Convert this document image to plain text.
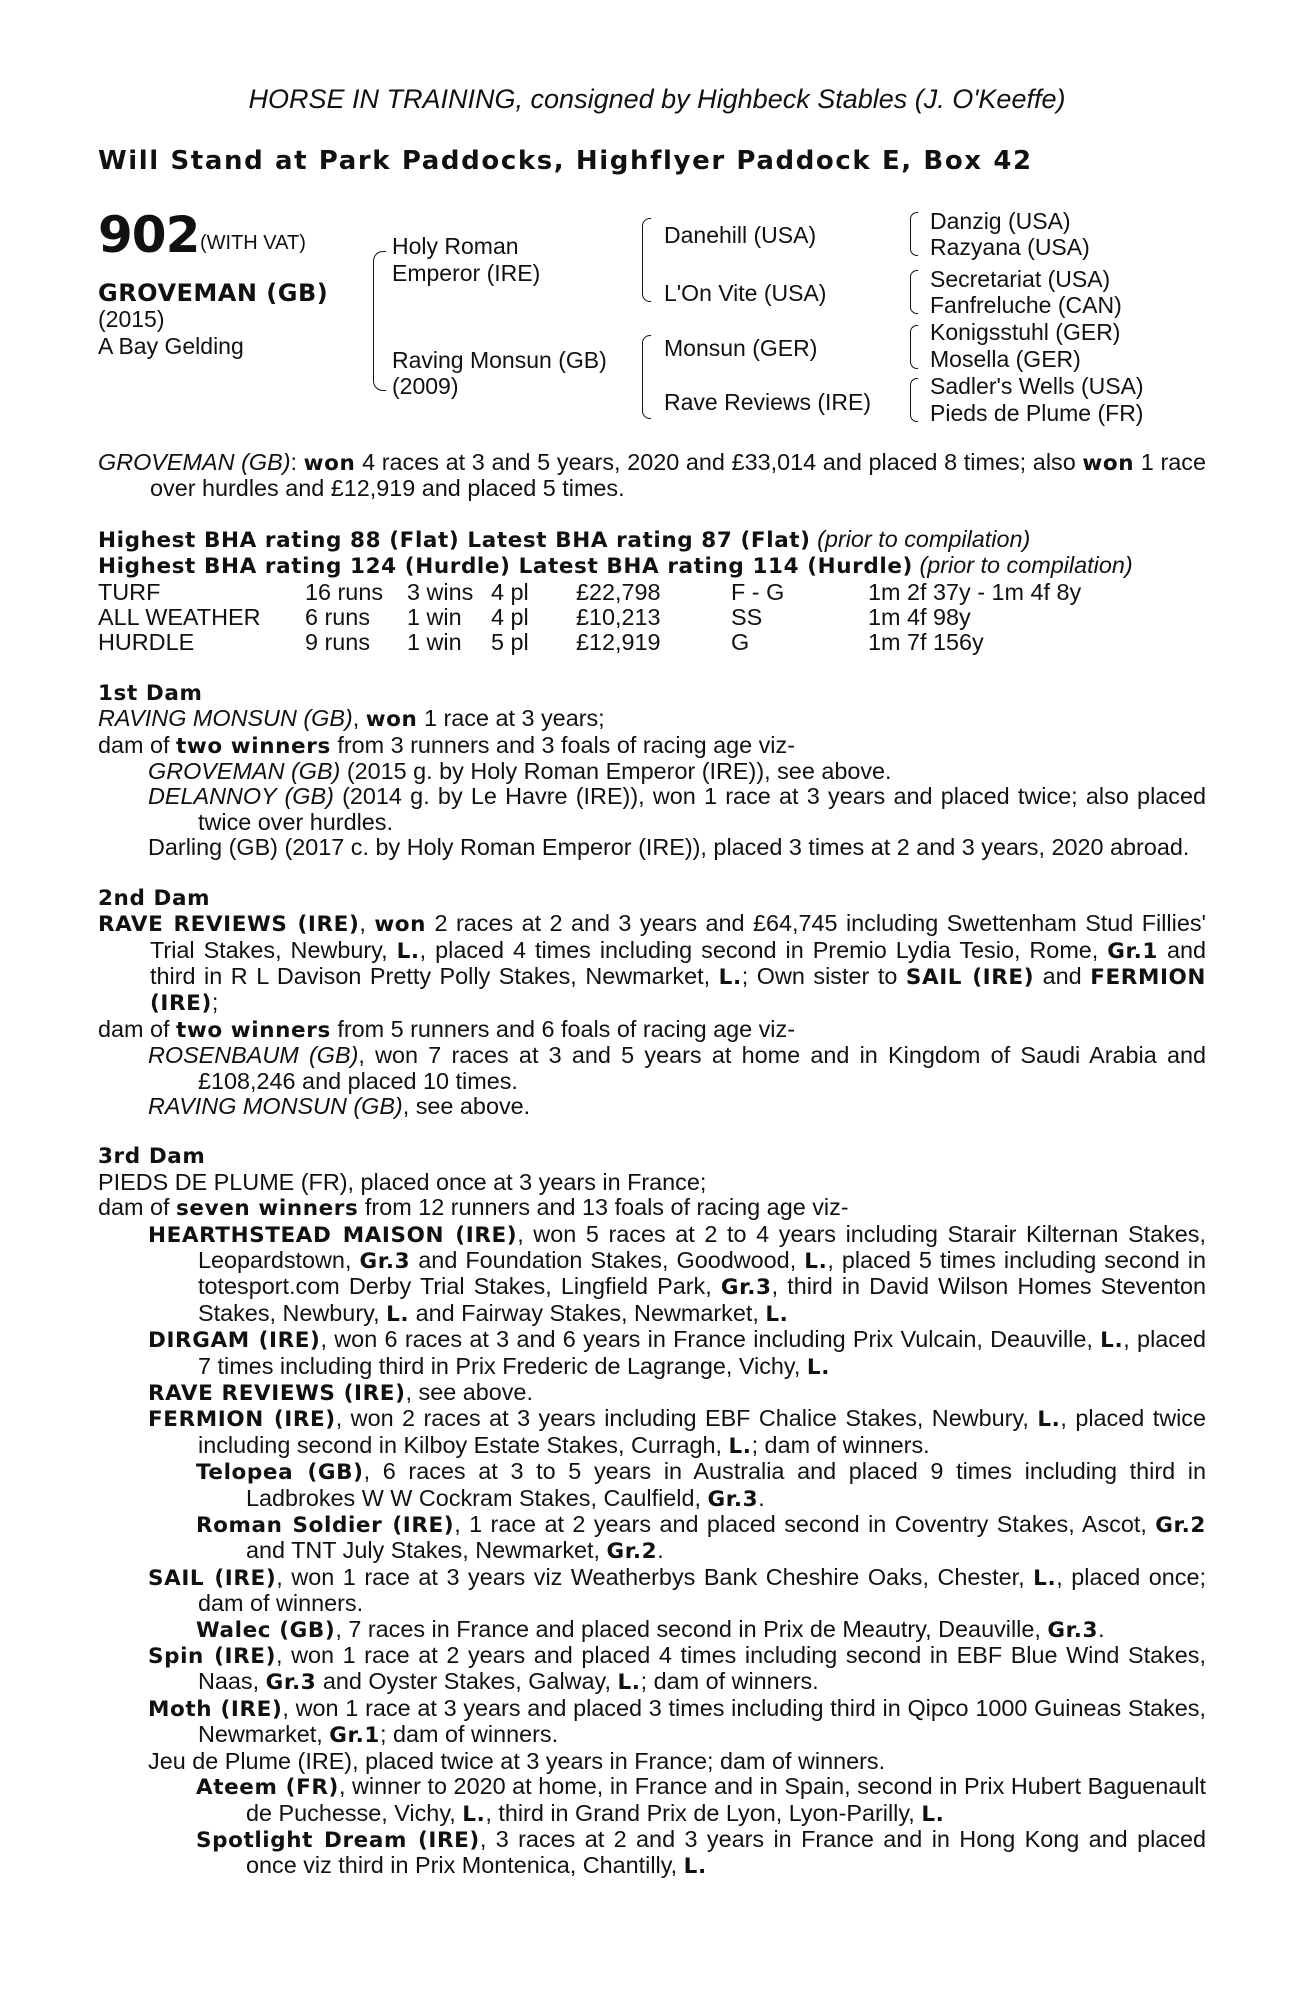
HORSE IN TRAINING, consigned by Highbeck Stables (J. O'Keeffe)
Will Stand at Park Paddocks, Highflyer Paddock E, Box 42
902 (WITH VAT)
GROVEMAN (GB)
(2015)
A Bay Gelding
Holy Roman
Emperor (IRE)
Raving Monsun (GB)
(2009)
Danehill (USA)
L'On Vite (USA)
Monsun (GER)
Rave Reviews (IRE)
Danzig (USA)
Razyana (USA)
Secretariat (USA)
Fanfreluche (CAN)
Konigsstuhl (GER)
Mosella (GER)
Sadler's Wells (USA)
Pieds de Plume (FR)
GROVEMAN (GB): won 4 races at 3 and 5 years, 2020 and £33,014 and placed 8 times; also won 1 race over hurdles and £12,919 and placed 5 times.
Highest BHA rating 88 (Flat) Latest BHA rating 87 (Flat) (prior to compilation)
Highest BHA rating 124 (Hurdle) Latest BHA rating 114 (Hurdle) (prior to compilation)
TURF	16 runs	3 wins	4 pl	£22,798	F - G	1m 2f 37y - 1m 4f 8y
ALL WEATHER	6 runs	1 win	4 pl	£10,213	SS	1m 4f 98y
HURDLE	9 runs	1 win	5 pl	£12,919	G	1m 7f 156y
1st Dam
RAVING MONSUN (GB), won 1 race at 3 years;
dam of two winners from 3 runners and 3 foals of racing age viz-
GROVEMAN (GB) (2015 g. by Holy Roman Emperor (IRE)), see above.
DELANNOY (GB) (2014 g. by Le Havre (IRE)), won 1 race at 3 years and placed twice; also placed twice over hurdles.
Darling (GB) (2017 c. by Holy Roman Emperor (IRE)), placed 3 times at 2 and 3 years, 2020 abroad.
2nd Dam
RAVE REVIEWS (IRE), won 2 races at 2 and 3 years and £64,745 including Swettenham Stud Fillies' Trial Stakes, Newbury, L., placed 4 times including second in Premio Lydia Tesio, Rome, Gr.1 and third in R L Davison Pretty Polly Stakes, Newmarket, L.; Own sister to SAIL (IRE) and FERMION (IRE);
dam of two winners from 5 runners and 6 foals of racing age viz-
ROSENBAUM (GB), won 7 races at 3 and 5 years at home and in Kingdom of Saudi Arabia and £108,246 and placed 10 times.
RAVING MONSUN (GB), see above.
3rd Dam
PIEDS DE PLUME (FR), placed once at 3 years in France;
dam of seven winners from 12 runners and 13 foals of racing age viz-
HEARTHSTEAD MAISON (IRE), won 5 races at 2 to 4 years including Starair Kilternan Stakes, Leopardstown, Gr.3 and Foundation Stakes, Goodwood, L., placed 5 times including second in totesport.com Derby Trial Stakes, Lingfield Park, Gr.3, third in David Wilson Homes Steventon Stakes, Newbury, L. and Fairway Stakes, Newmarket, L.
DIRGAM (IRE), won 6 races at 3 and 6 years in France including Prix Vulcain, Deauville, L., placed 7 times including third in Prix Frederic de Lagrange, Vichy, L.
RAVE REVIEWS (IRE), see above.
FERMION (IRE), won 2 races at 3 years including EBF Chalice Stakes, Newbury, L., placed twice including second in Kilboy Estate Stakes, Curragh, L.; dam of winners.
Telopea (GB), 6 races at 3 to 5 years in Australia and placed 9 times including third in Ladbrokes W W Cockram Stakes, Caulfield, Gr.3.
Roman Soldier (IRE), 1 race at 2 years and placed second in Coventry Stakes, Ascot, Gr.2 and TNT July Stakes, Newmarket, Gr.2.
SAIL (IRE), won 1 race at 3 years viz Weatherbys Bank Cheshire Oaks, Chester, L., placed once; dam of winners.
Walec (GB), 7 races in France and placed second in Prix de Meautry, Deauville, Gr.3.
Spin (IRE), won 1 race at 2 years and placed 4 times including second in EBF Blue Wind Stakes, Naas, Gr.3 and Oyster Stakes, Galway, L.; dam of winners.
Moth (IRE), won 1 race at 3 years and placed 3 times including third in Qipco 1000 Guineas Stakes, Newmarket, Gr.1; dam of winners.
Jeu de Plume (IRE), placed twice at 3 years in France; dam of winners.
Ateem (FR), winner to 2020 at home, in France and in Spain, second in Prix Hubert Baguenault de Puchesse, Vichy, L., third in Grand Prix de Lyon, Lyon-Parilly, L.
Spotlight Dream (IRE), 3 races at 2 and 3 years in France and in Hong Kong and placed once viz third in Prix Montenica, Chantilly, L.
